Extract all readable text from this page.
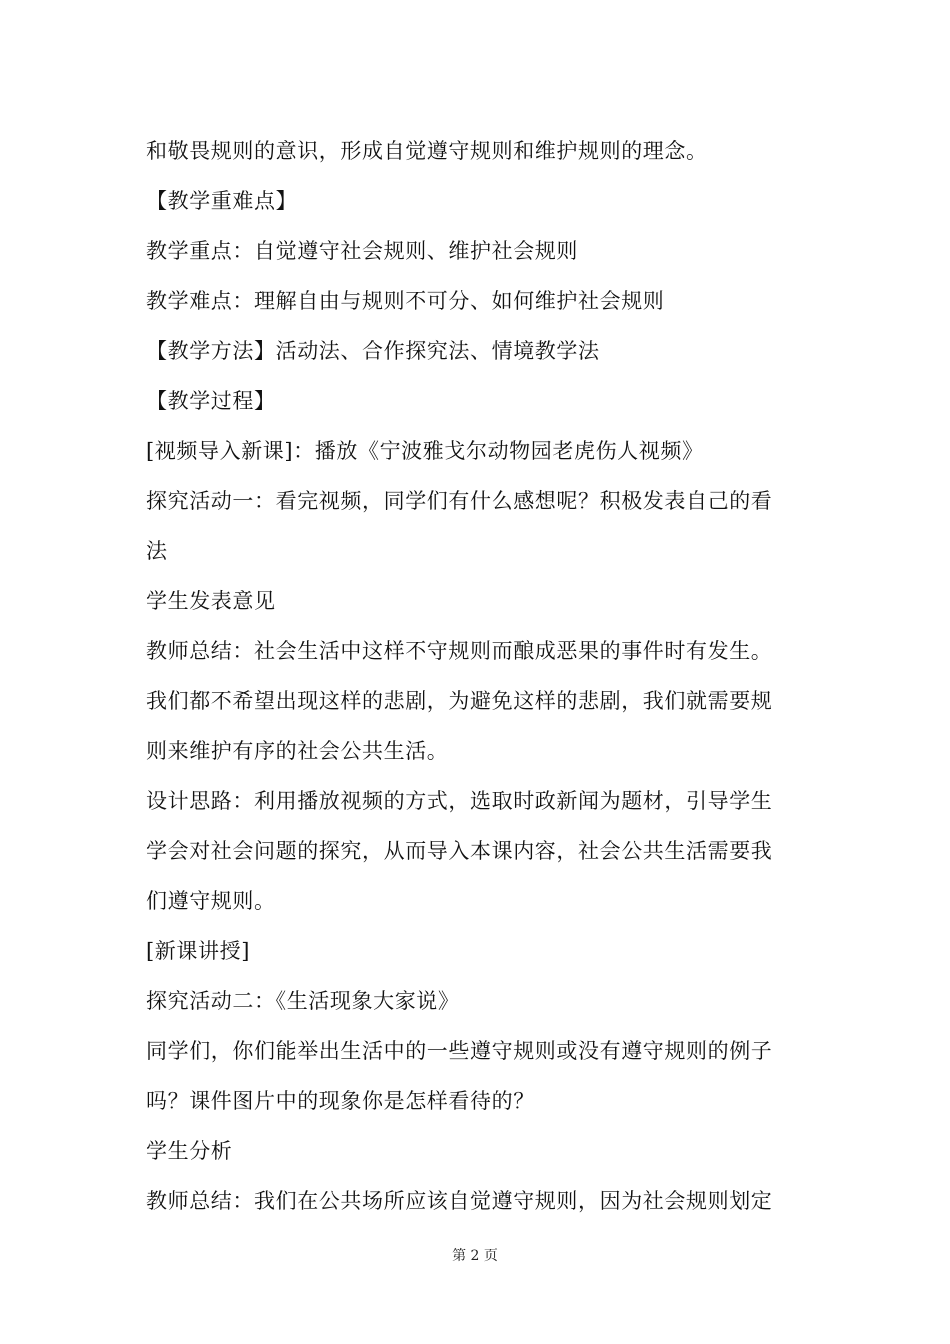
和敬畏规则的意识，形成自觉遵守规则和维护规则的理念。
【教学重难点】
教学重点：自觉遵守社会规则、维护社会规则
教学难点：理解自由与规则不可分、如何维护社会规则
【教学方法】活动法、合作探究法、情境教学法
【教学过程】
[视频导入新课]：播放《宁波雅戈尔动物园老虎伤人视频》
探究活动一：看完视频，同学们有什么感想呢？积极发表自己的看
法
学生发表意见
教师总结：社会生活中这样不守规则而酿成恶果的事件时有发生。
我们都不希望出现这样的悲剧，为避免这样的悲剧，我们就需要规
则来维护有序的社会公共生活。
设计思路：利用播放视频的方式，选取时政新闻为题材，引导学生
学会对社会问题的探究，从而导入本课内容，社会公共生活需要我
们遵守规则。
[新课讲授]
探究活动二：《生活现象大家说》
同学们，你们能举出生活中的一些遵守规则或没有遵守规则的例子
吗？课件图片中的现象你是怎样看待的？
学生分析
教师总结：我们在公共场所应该自觉遵守规则，因为社会规则划定
第 2 页
